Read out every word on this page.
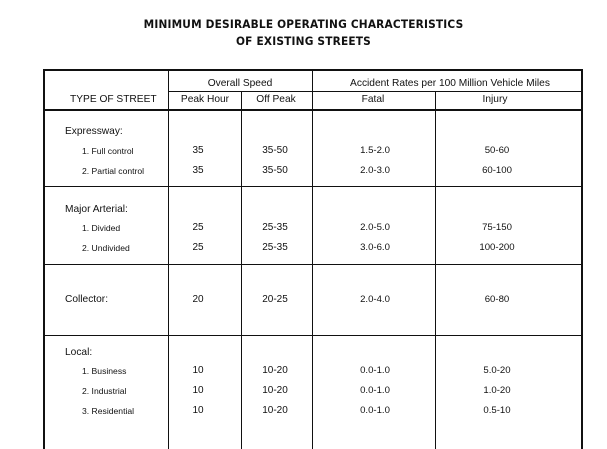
MINIMUM DESIRABLE OPERATING CHARACTERISTICS
OF EXISTING STREETS
TYPE OF STREET
Overall Speed
Peak Hour	Off Peak
Accident Rates per 100 Million Vehicle Miles
Fatal	Injury
Expressway:
1. Full control	35	35-50	1.5-2.0	50-60
2. Partial control	35	35-50	2.0-3.0	60-100
Major Arterial:
1. Divided	25	25-35	2.0-5.0	75-150
2. Undivided	25	25-35	3.0-6.0	100-200
Collector:	20	20-25	2.0-4.0	60-80
Local:
1. Business	10	10-20	0.0-1.0	5.0-20
2. Industrial	10	10-20	0.0-1.0	1.0-20
3. Residential	10	10-20	0.0-1.0	0.5-10
